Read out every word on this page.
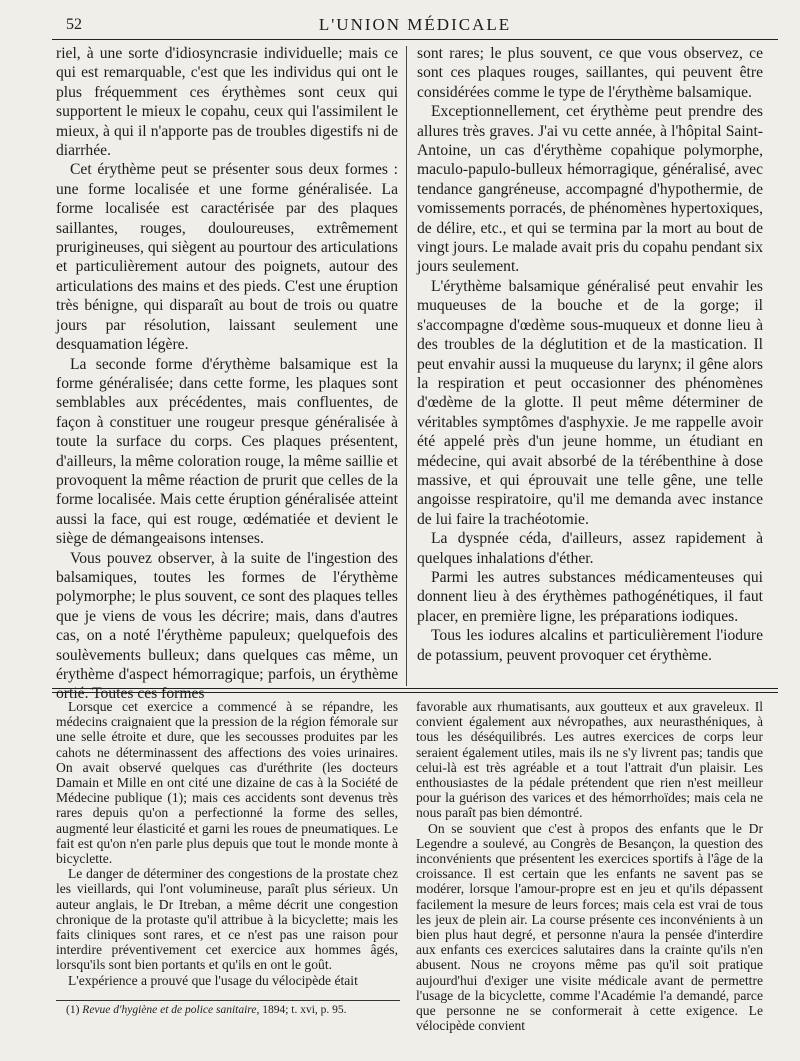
52	L'UNION MÉDICALE

riel, à une sorte d'idiosyncrasie individuelle; mais ce qui est remarquable, c'est que les individus qui ont le plus fréquemment ces érythèmes sont ceux qui supportent le mieux le copahu, ceux qui l'assimilent le mieux, à qui il n'apporte pas de troubles digestifs ni de diarrhée.

Cet érythème peut se présenter sous deux formes : une forme localisée et une forme généralisée. La forme localisée est caractérisée par des plaques saillantes, rouges, douloureuses, extrêmement prurigineuses, qui siègent au pourtour des articulations et particulièrement autour des poignets, autour des articulations des mains et des pieds. C'est une éruption très bénigne, qui disparaît au bout de trois ou quatre jours par résolution, laissant seulement une desquamation légère.

La seconde forme d'érythème balsamique est la forme généralisée; dans cette forme, les plaques sont semblables aux précédentes, mais confluentes, de façon à constituer une rougeur presque généralisée à toute la surface du corps. Ces plaques présentent, d'ailleurs, la même coloration rouge, la même saillie et provoquent la même réaction de prurit que celles de la forme localisée. Mais cette éruption généralisée atteint aussi la face, qui est rouge, œdématiée et devient le siège de démangeaisons intenses.

Vous pouvez observer, à la suite de l'ingestion des balsamiques, toutes les formes de l'érythème polymorphe; le plus souvent, ce sont des plaques telles que je viens de vous les décrire; mais, dans d'autres cas, on a noté l'érythème papuleux; quelquefois des soulèvements bulleux; dans quelques cas même, un érythème d'aspect hémorragique; parfois, un érythème ortié. Toutes ces formes

sont rares; le plus souvent, ce que vous observez, ce sont ces plaques rouges, saillantes, qui peuvent être considérées comme le type de l'érythème balsamique.

Exceptionnellement, cet érythème peut prendre des allures très graves. J'ai vu cette année, à l'hôpital Saint-Antoine, un cas d'érythème copahique polymorphe, maculo-papulo-bulleux hémorragique, généralisé, avec tendance gangréneuse, accompagné d'hypothermie, de vomissements porracés, de phénomènes hypertoxiques, de délire, etc., et qui se termina par la mort au bout de vingt jours. Le malade avait pris du copahu pendant six jours seulement.

L'érythème balsamique généralisé peut envahir les muqueuses de la bouche et de la gorge; il s'accompagne d'œdème sous-muqueux et donne lieu à des troubles de la déglutition et de la mastication. Il peut envahir aussi la muqueuse du larynx; il gêne alors la respiration et peut occasionner des phénomènes d'œdème de la glotte. Il peut même déterminer de véritables symptômes d'asphyxie. Je me rappelle avoir été appelé près d'un jeune homme, un étudiant en médecine, qui avait absorbé de la térébenthine à dose massive, et qui éprouvait une telle gêne, une telle angoisse respiratoire, qu'il me demanda avec instance de lui faire la trachéotomie.

La dyspnée céda, d'ailleurs, assez rapidement à quelques inhalations d'éther.

Parmi les autres substances médicamenteuses qui donnent lieu à des érythèmes pathogénétiques, il faut placer, en première ligne, les préparations iodiques.

Tous les iodures alcalins et particulièrement l'iodure de potassium, peuvent provoquer cet érythème.

Lorsque cet exercice a commencé à se répandre, les médecins craignaient que la pression de la région fémorale sur une selle étroite et dure, que les secousses produites par les cahots ne déterminassent des affections des voies urinaires. On avait observé quelques cas d'uréthrite (les docteurs Damain et Mille en ont cité une dizaine de cas à la Société de Médecine publique (1); mais ces accidents sont devenus très rares depuis qu'on a perfectionné la forme des selles, augmenté leur élasticité et garni les roues de pneumatiques. Le fait est qu'on n'en parle plus depuis que tout le monde monte à bicyclette.

Le danger de déterminer des congestions de la prostate chez les vieillards, qui l'ont volumineuse, paraît plus sérieux. Un auteur anglais, le Dr Itreban, a même décrit une congestion chronique de la protaste qu'il attribue à la bicyclette; mais les faits cliniques sont rares, et ce n'est pas une raison pour interdire préventivement cet exercice aux hommes âgés, lorsqu'ils sont bien portants et qu'ils en ont le goût.

L'expérience a prouvé que l'usage du vélocipède était

favorable aux rhumatisants, aux goutteux et aux graveleux. Il convient également aux névropathes, aux neurasthéniques, à tous les déséquilibrés. Les autres exercices de corps leur seraient également utiles, mais ils ne s'y livrent pas; tandis que celui-là est très agréable et a tout l'attrait d'un plaisir. Les enthousiastes de la pédale prétendent que rien n'est meilleur pour la guérison des varices et des hémorrhoïdes; mais cela ne nous paraît pas bien démontré.

On se souvient que c'est à propos des enfants que le Dr Legendre a soulevé, au Congrès de Besançon, la question des inconvénients que présentent les exercices sportifs à l'âge de la croissance. Il est certain que les enfants ne savent pas se modérer, lorsque l'amour-propre est en jeu et qu'ils dépassent facilement la mesure de leurs forces; mais cela est vrai de tous les jeux de plein air. La course présente ces inconvénients à un bien plus haut degré, et personne n'aura la pensée d'interdire aux enfants ces exercices salutaires dans la crainte qu'ils n'en abusent. Nous ne croyons même pas qu'il soit pratique aujourd'hui d'exiger une visite médicale avant de permettre l'usage de la bicyclette, comme l'Académie l'a demandé, parce que personne ne se conformerait à cette exigence. Le vélocipède convient

(1) Revue d'hygiène et de police sanitaire, 1894; t. xvi, p. 95.
